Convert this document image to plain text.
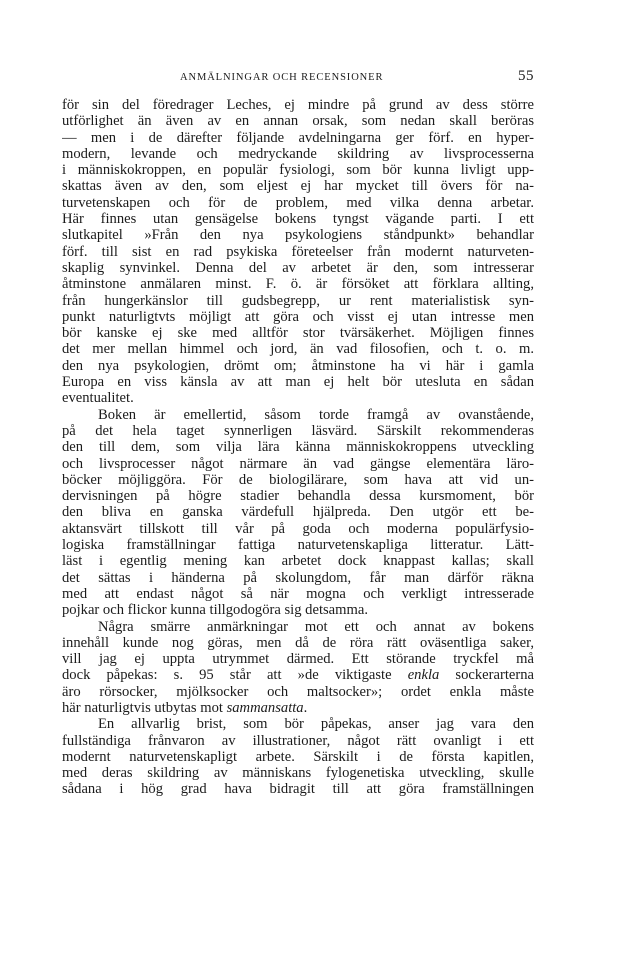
ANMÄLNINGAR OCH RECENSIONER	55
för sin del föredrager Leches, ej mindre på grund av dess större
utförlighet än även av en annan orsak, som nedan skall beröras
— men i de därefter följande avdelningarna ger förf. en hyper-
modern, levande och medryckande skildring av livsprocesserna
i människokroppen, en populär fysiologi, som bör kunna livligt upp-
skattas även av den, som eljest ej har mycket till övers för na-
turvetenskapen och för de problem, med vilka denna arbetar.
Här finnes utan gensägelse bokens tyngst vägande parti. I ett
slutkapitel »Från den nya psykologiens ståndpunkt» behandlar
förf. till sist en rad psykiska företeelser från modernt naturveten-
skaplig synvinkel. Denna del av arbetet är den, som intresserar
åtminstone anmälaren minst. F. ö. är försöket att förklara allting,
från hungerkänslor till gudsbegrepp, ur rent materialistisk syn-
punkt naturligtvts möjligt att göra och visst ej utan intresse men
bör kanske ej ske med alltför stor tvärsäkerhet. Möjligen finnes
det mer mellan himmel och jord, än vad filosofien, och t. o. m.
den nya psykologien, drömt om; åtminstone ha vi här i gamla
Europa en viss känsla av att man ej helt bör utesluta en sådan
eventualitet.
Boken är emellertid, såsom torde framgå av ovanstående,
på det hela taget synnerligen läsvärd. Särskilt rekommenderas
den till dem, som vilja lära känna människokroppens utveckling
och livsprocesser något närmare än vad gängse elementära läro-
böcker möjliggöra. För de biologilärare, som hava att vid un-
dervisningen på högre stadier behandla dessa kursmoment, bör
den bliva en ganska värdefull hjälpreda. Den utgör ett be-
aktansvärt tillskott till vår på goda och moderna populärfysio-
logiska framställningar fattiga naturvetenskapliga litteratur. Lätt-
läst i egentlig mening kan arbetet dock knappast kallas; skall
det sättas i händerna på skolungdom, får man därför räkna
med att endast något så när mogna och verkligt intresserade
pojkar och flickor kunna tillgodogöra sig detsamma.
Några smärre anmärkningar mot ett och annat av bokens
innehåll kunde nog göras, men då de röra rätt oväsentliga saker,
vill jag ej uppta utrymmet därmed. Ett störande tryckfel må
dock påpekas: s. 95 står att »de viktigaste enkla sockerarterna
äro rörsocker, mjölksocker och maltsocker»; ordet enkla måste
här naturligtvis utbytas mot sammansatta.
En allvarlig brist, som bör påpekas, anser jag vara den
fullständiga frånvaron av illustrationer, något rätt ovanligt i ett
modernt naturvetenskapligt arbete. Särskilt i de första kapitlen,
med deras skildring av människans fylogenetiska utveckling, skulle
sådana i hög grad hava bidragit till att göra framställningen
